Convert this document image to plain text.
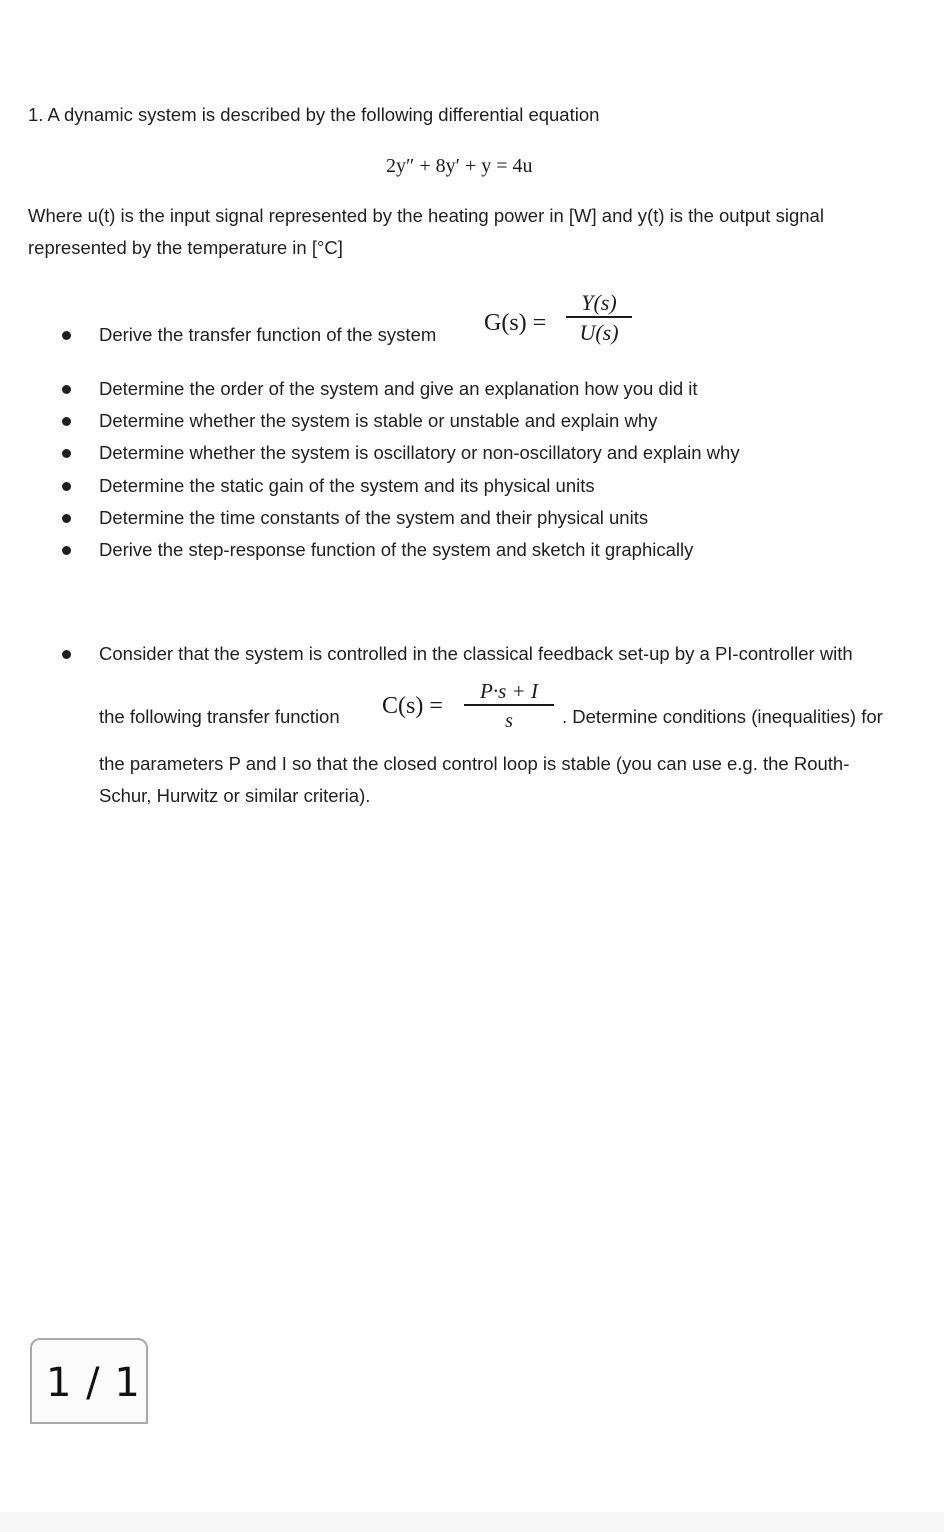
1. A dynamic system is described by the following differential equation
2y″ + 8y′ + y = 4u
Where u(t) is the input signal represented by the heating power in [W] and y(t) is the output signal
represented by the temperature in [°C]
Derive the transfer function of the system G(s) =
Y(s)
U(s)
Determine the order of the system and give an explanation how you did it
Determine whether the system is stable or unstable and explain why
Determine whether the system is oscillatory or non-oscillatory and explain why
Determine the static gain of the system and its physical units
Determine the time constants of the system and their physical units
Derive the step-response function of the system and sketch it graphically
Consider that the system is controlled in the classical feedback set-up by a PI-controller with
the following transfer function C(s) =
P·s + I
s	. Determine conditions (inequalities) for
the parameters P and I so that the closed control loop is stable (you can use e.g. the Routh-
Schur, Hurwitz or similar criteria).
1 / 1
